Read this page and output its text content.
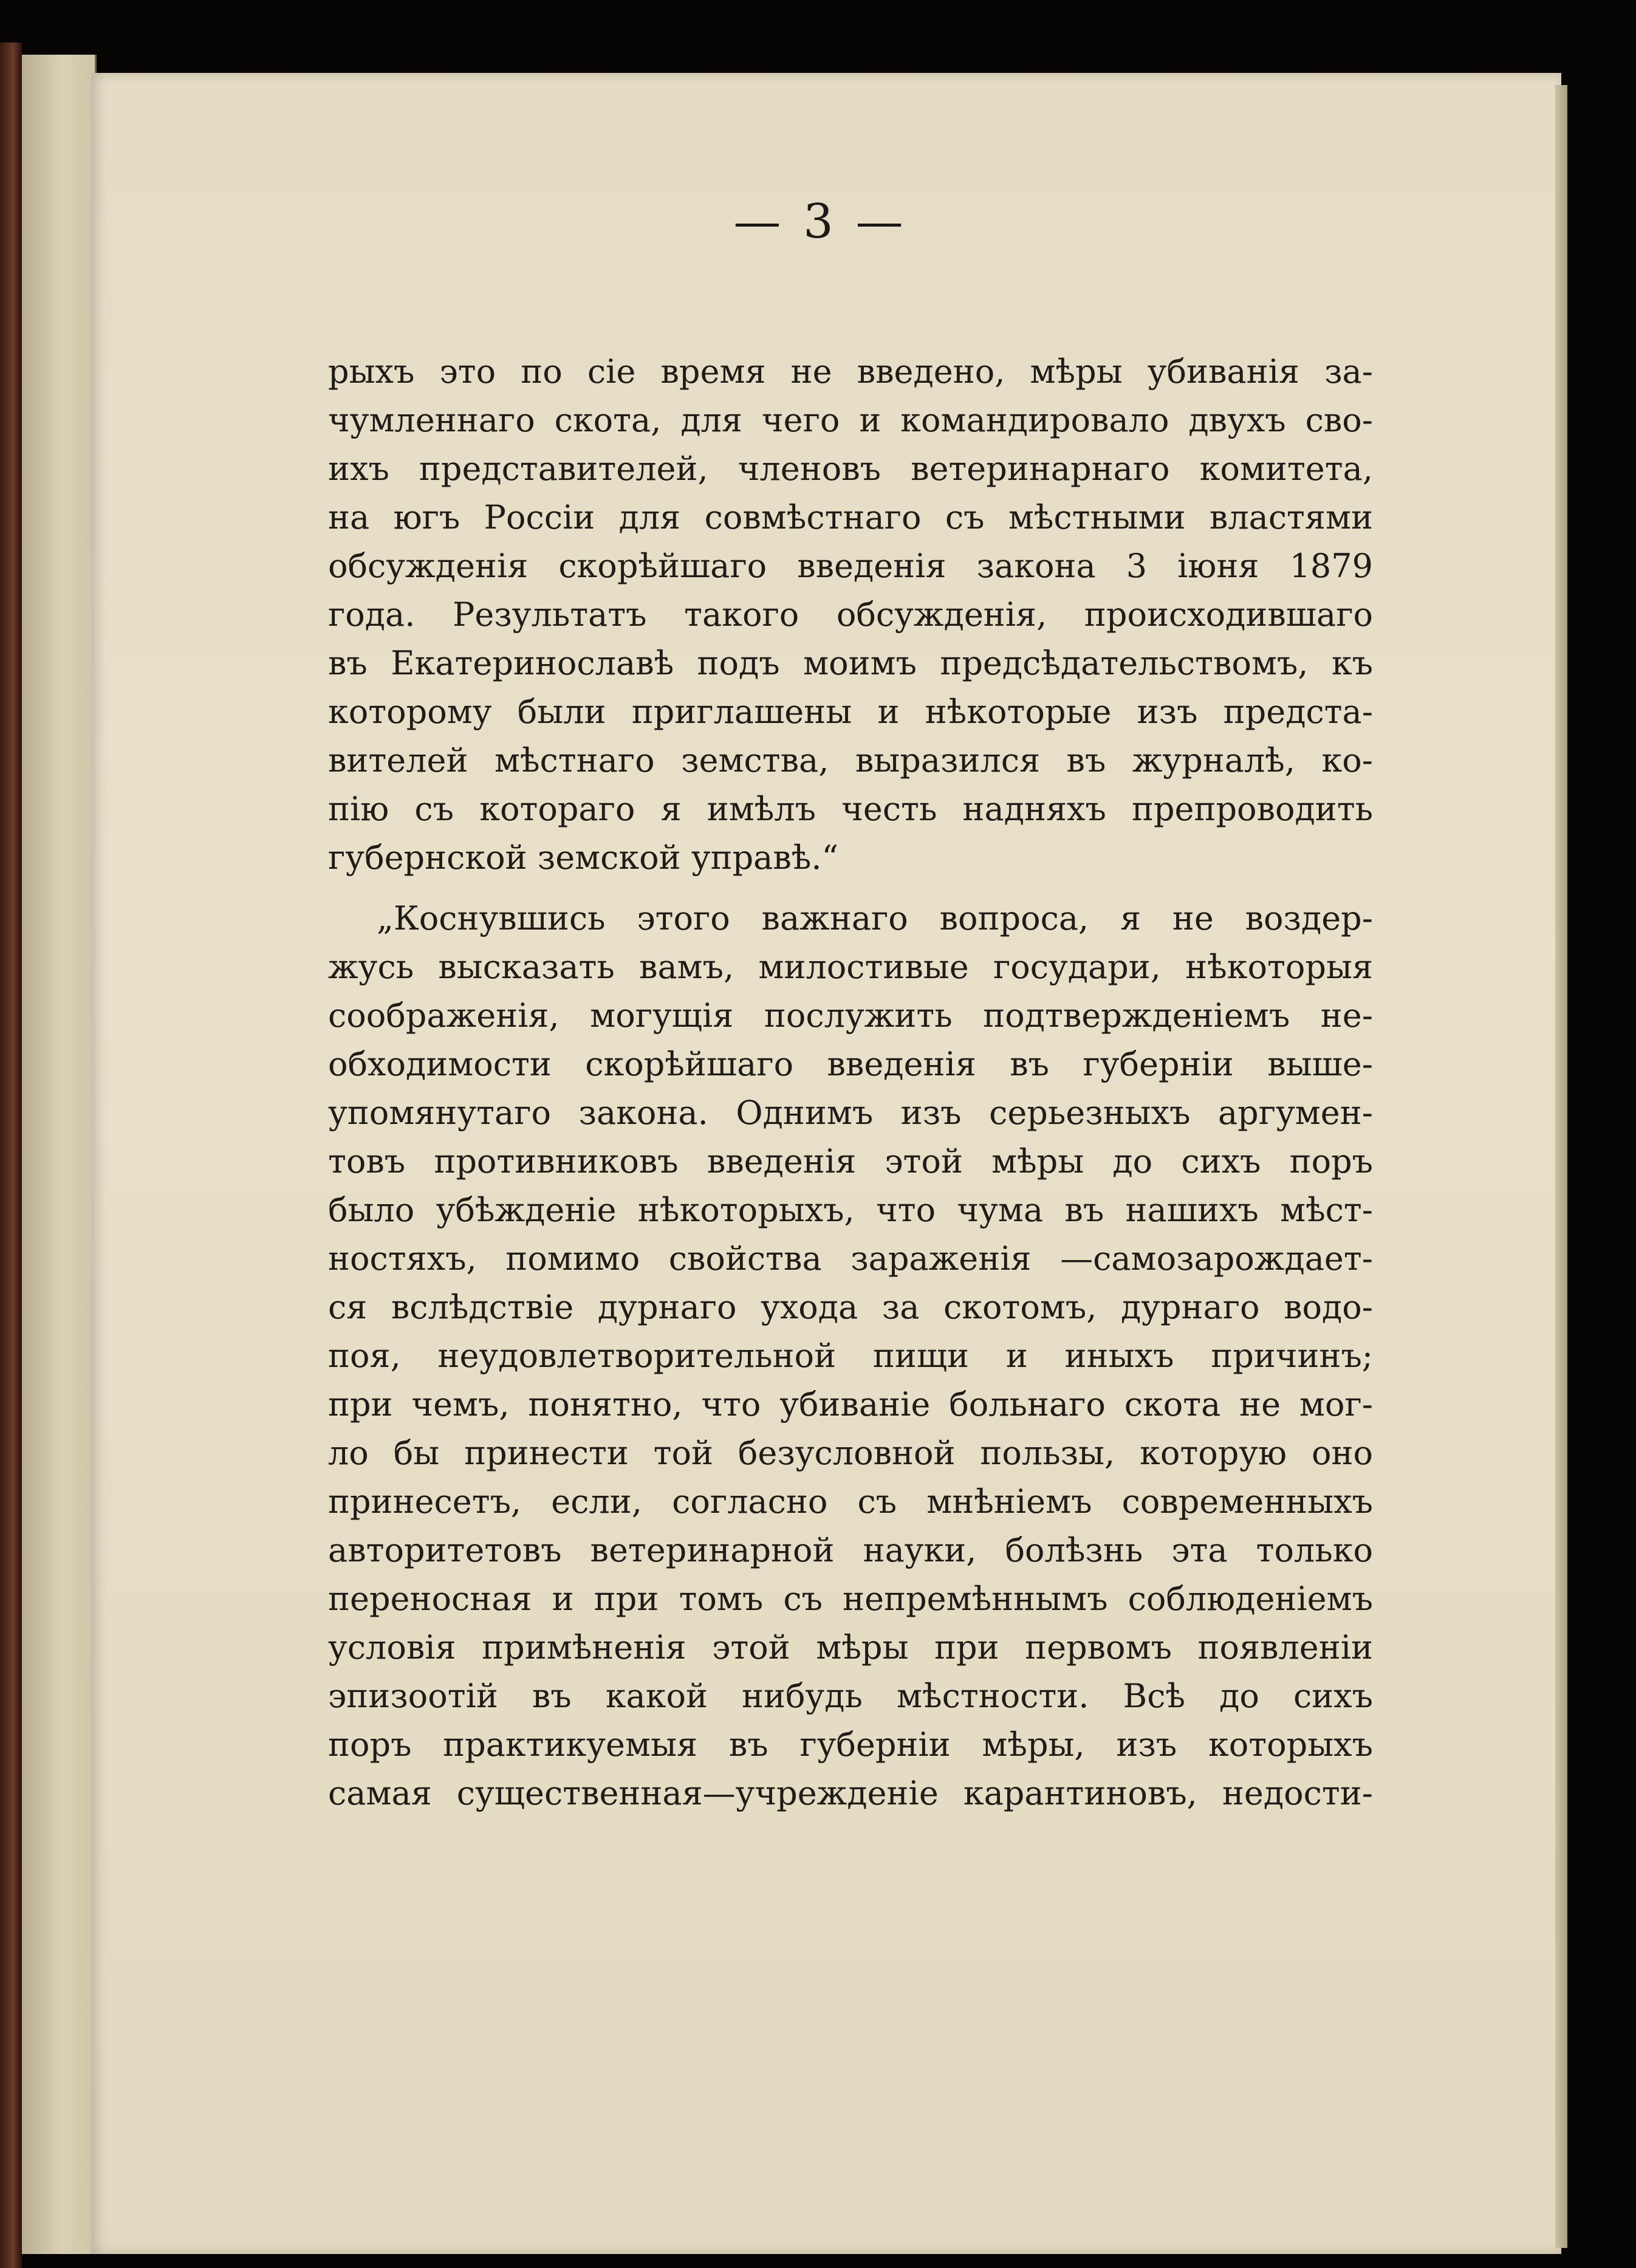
— 3 —

рыхъ это по сіе время не введено, мѣры убиванія за-

чумленнаго скота, для чего и командировало двухъ сво-

ихъ представителей, членовъ ветеринарнаго комитета,

на югъ Россіи для совмѣстнаго съ мѣстными властями

обсужденія скорѣйшаго введенія закона 3 іюня 1879

года. Результатъ такого обсужденія, происходившаго

въ Екатеринославѣ подъ моимъ предсѣдательствомъ, къ

которому были приглашены и нѣкоторые изъ предста-

вителей мѣстнаго земства, выразился въ журналѣ, ко-

пію съ котораго я имѣлъ честь надняхъ препроводить

губернской земской управѣ.“

„Коснувшись этого важнаго вопроса, я не воздер-

жусь высказать вамъ, милостивые государи, нѣкоторыя

соображенія, могущія послужить подтвержденіемъ не-

обходимости скорѣйшаго введенія въ губерніи выше-

упомянутаго закона. Однимъ изъ серьезныхъ аргумен-

товъ противниковъ введенія этой мѣры до сихъ поръ

было убѣжденіе нѣкоторыхъ, что чума въ нашихъ мѣст-

ностяхъ, помимо свойства зараженія —самозарождает-

ся вслѣдствіе дурнаго ухода за скотомъ, дурнаго водо-

поя, неудовлетворительной пищи и иныхъ причинъ;

при чемъ, понятно, что убиваніе больнаго скота не мог-

ло бы принести той безусловной пользы, которую оно

принесетъ, если, согласно съ мнѣніемъ современныхъ

авторитетовъ ветеринарной науки, болѣзнь эта только

переносная и при томъ съ непремѣннымъ соблюденіемъ

условія примѣненія этой мѣры при первомъ появленіи

эпизоотій въ какой нибудь мѣстности. Всѣ до сихъ

поръ практикуемыя въ губерніи мѣры, изъ которыхъ

самая существенная—учрежденіе карантиновъ, недости-
